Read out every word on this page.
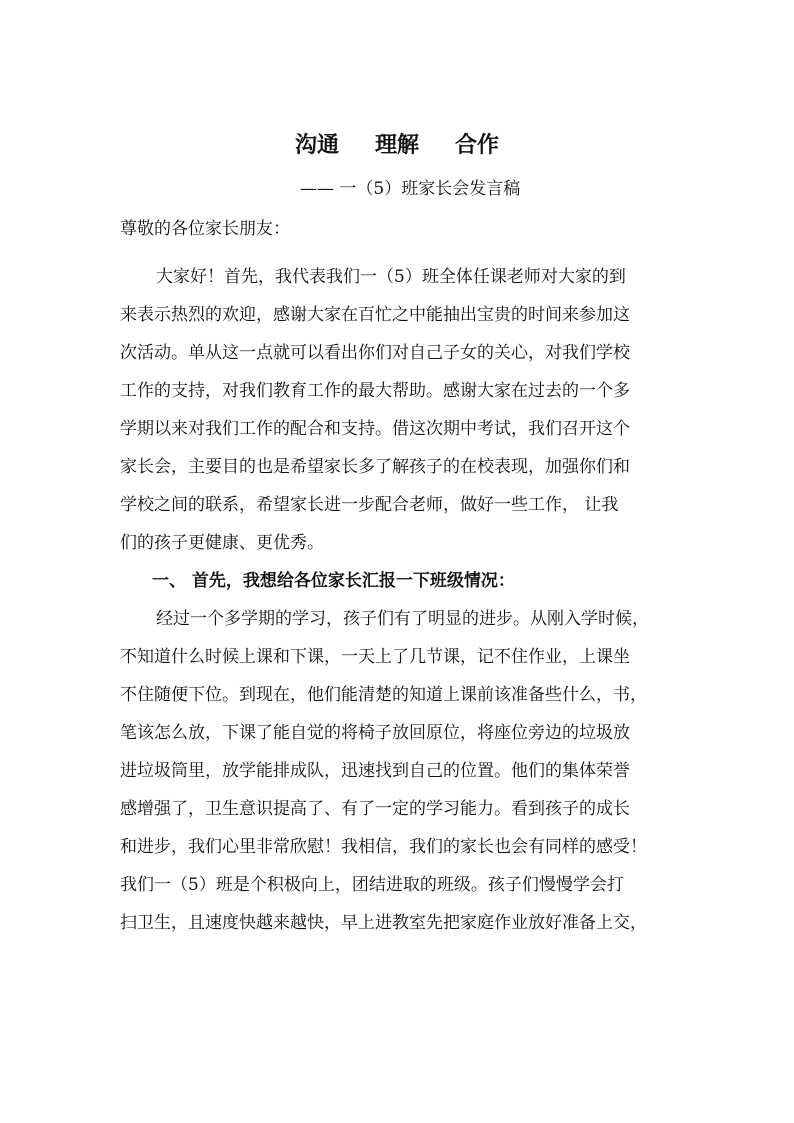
沟通 理解 合作
—— 一（5）班家长会发言稿
尊敬的各位家长朋友：
大家好！首先，我代表我们一（5）班全体任课老师对大家的到
来表示热烈的欢迎，感谢大家在百忙之中能抽出宝贵的时间来参加这
次活动。单从这一点就可以看出你们对自己子女的关心，对我们学校
工作的支持，对我们教育工作的最大帮助。感谢大家在过去的一个多
学期以来对我们工作的配合和支持。借这次期中考试，我们召开这个
家长会，主要目的也是希望家长多了解孩子的在校表现，加强你们和
学校之间的联系，希望家长进一步配合老师，做好一些工作， 让我
们的孩子更健康、更优秀。
一、 首先，我想给各位家长汇报一下班级情况：
经过一个多学期的学习，孩子们有了明显的进步。从刚入学时候，
不知道什么时候上课和下课，一天上了几节课，记不住作业，上课坐
不住随便下位。到现在，他们能清楚的知道上课前该准备些什么，书，
笔该怎么放，下课了能自觉的将椅子放回原位，将座位旁边的垃圾放
进垃圾筒里，放学能排成队，迅速找到自己的位置。他们的集体荣誉
感增强了，卫生意识提高了、有了一定的学习能力。看到孩子的成长
和进步，我们心里非常欣慰！我相信，我们的家长也会有同样的感受！
我们一（5）班是个积极向上，团结进取的班级。孩子们慢慢学会打
扫卫生，且速度快越来越快，早上进教室先把家庭作业放好准备上交，
